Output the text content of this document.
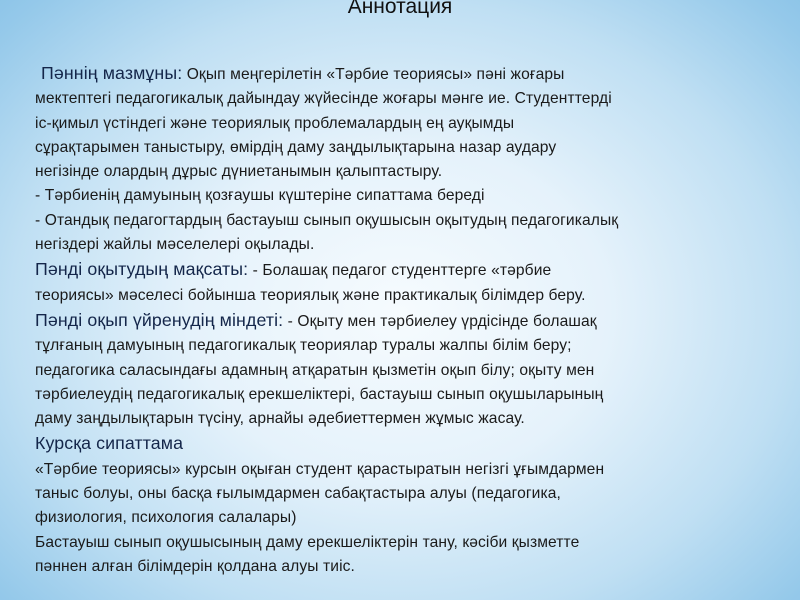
Аннотация

Пәннің мазмұны: Оқып меңгерілетін «Тәрбие теориясы» пәні жоғары

мектептегі педагогикалық дайындау жүйесінде жоғары мәнге ие. Студенттерді

іс-қимыл үстіндегі және теориялық проблемалардың ең ауқымды

сұрақтарымен таныстыру, өмірдің даму заңдылықтарына назар аудару

негізінде олардың дұрыс дүниетанымын қалыптастыру.

- Тәрбиенің дамуының қозғаушы күштеріне сипаттама береді

- Отандық педагогтардың бастауыш сынып оқушысын оқытудың педагогикалық

негіздері жайлы мәселелері оқылады.

Пәнді оқытудың мақсаты: - Болашақ педагог студенттерге «тәрбие

теориясы» мәселесі бойынша теориялық және практикалық білімдер беру.

Пәнді оқып үйренудің міндеті: - Оқыту мен тәрбиелеу үрдісінде болашақ

тұлғаның дамуының педагогикалық теориялар туралы жалпы білім беру;

педагогика саласындағы адамның атқаратын қызметін оқып білу; оқыту мен

тәрбиелеудің педагогикалық ерекшеліктері, бастауыш сынып оқушыларының

даму заңдылықтарын түсіну, арнайы әдебиеттермен жұмыс жасау.

Курсқа сипаттама

«Тәрбие теориясы» курсын оқыған студент қарастыратын негізгі ұғымдармен

таныс болуы, оны басқа ғылымдармен сабақтастыра алуы (педагогика,

физиология, психология салалары)

Бастауыш сынып оқушысының даму ерекшеліктерін тану, кәсіби қызметте

пәннен алған білімдерін қолдана алуы тиіс.
